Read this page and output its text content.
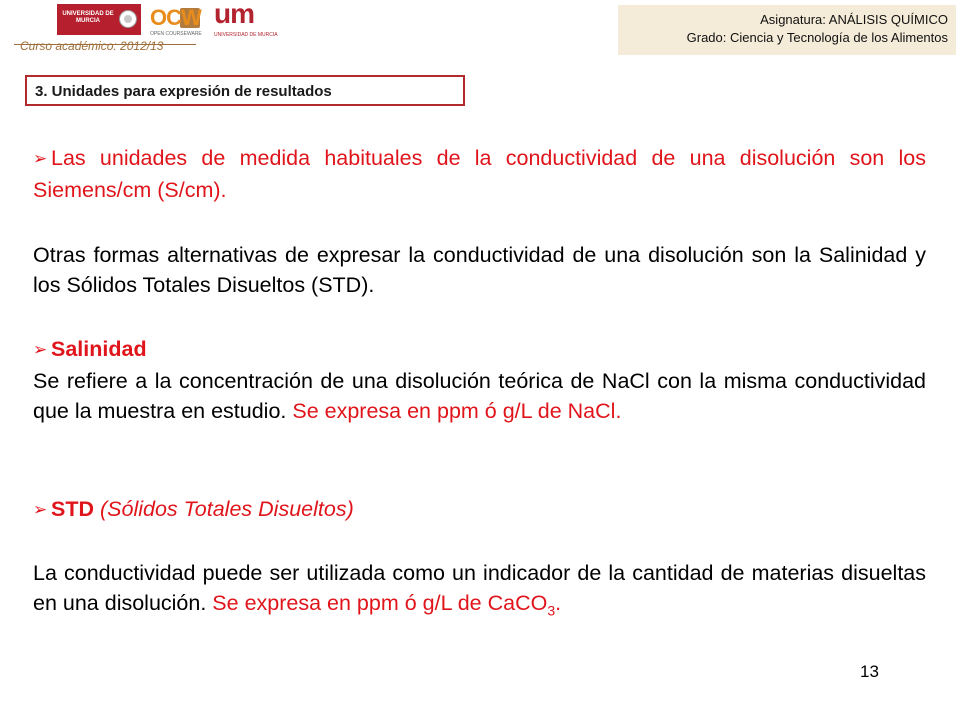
UNIVERSIDAD DE MURCIA	OCW
OPEN COURSEWARE
um
UNIVERSIDAD DE MURCIA
Curso académico: 2012/13
Asignatura: ANÁLISIS QUÍMICO
Grado: Ciencia y Tecnología de los Alimentos
3. Unidades para expresión de resultados
➢ Las unidades de medida habituales de la conductividad de una disolución son los Siemens/cm (S/cm).
Otras formas alternativas de expresar la conductividad de una disolución son la Salinidad y los Sólidos Totales Disueltos (STD).
➢ Salinidad
Se refiere a la concentración de una disolución teórica de NaCl con la misma conductividad que la muestra en estudio. Se expresa en ppm ó g/L de NaCl.
➢ STD (Sólidos Totales Disueltos)
La conductividad puede ser utilizada como un indicador de la cantidad de materias disueltas en una disolución. Se expresa en ppm ó g/L de CaCO$_3$.
13
